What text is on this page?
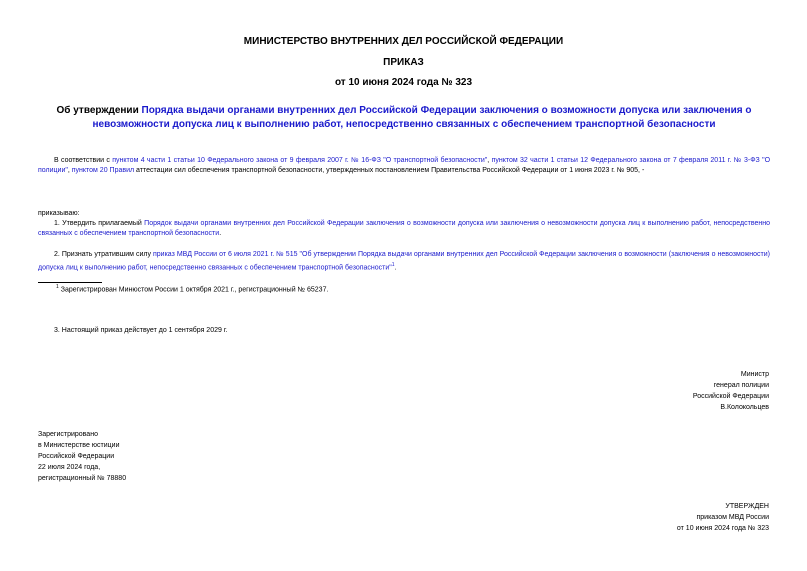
МИНИСТЕРСТВО ВНУТРЕННИХ ДЕЛ РОССИЙСКОЙ ФЕДЕРАЦИИ
ПРИКАЗ
от 10 июня 2024 года № 323
Об утверждении Порядка выдачи органами внутренних дел Российской Федерации заключения о возможности допуска или заключения о невозможности допуска лиц к выполнению работ, непосредственно связанных с обеспечением транспортной безопасности
В соответствии с пунктом 4 части 1 статьи 10 Федерального закона от 9 февраля 2007 г. № 16-ФЗ "О транспортной безопасности", пунктом 32 части 1 статьи 12 Федерального закона от 7 февраля 2011 г. № 3-ФЗ "О полиции", пунктом 20 Правил аттестации сил обеспечения транспортной безопасности, утвержденных постановлением Правительства Российской Федерации от 1 июня 2023 г. № 905, -
приказываю:
1. Утвердить прилагаемый Порядок выдачи органами внутренних дел Российской Федерации заключения о возможности допуска или заключения о невозможности допуска лиц к выполнению работ, непосредственно связанных с обеспечением транспортной безопасности.
2. Признать утратившим силу приказ МВД России от 6 июля 2021 г. № 515 "Об утверждении Порядка выдачи органами внутренних дел Российской Федерации заключения о возможности (заключения о невозможности) допуска лиц к выполнению работ, непосредственно связанных с обеспечением транспортной безопасности"$^1$.
$^1$ Зарегистрирован Минюстом России 1 октября 2021 г., регистрационный № 65237.
3. Настоящий приказ действует до 1 сентября 2029 г.
Министр
генерал полиции
Российской Федерации
В.Колокольцев
Зарегистрировано
в Министерстве юстиции
Российской Федерации
22 июля 2024 года,
регистрационный № 78880
УТВЕРЖДЕН
приказом МВД России
от 10 июня 2024 года № 323
